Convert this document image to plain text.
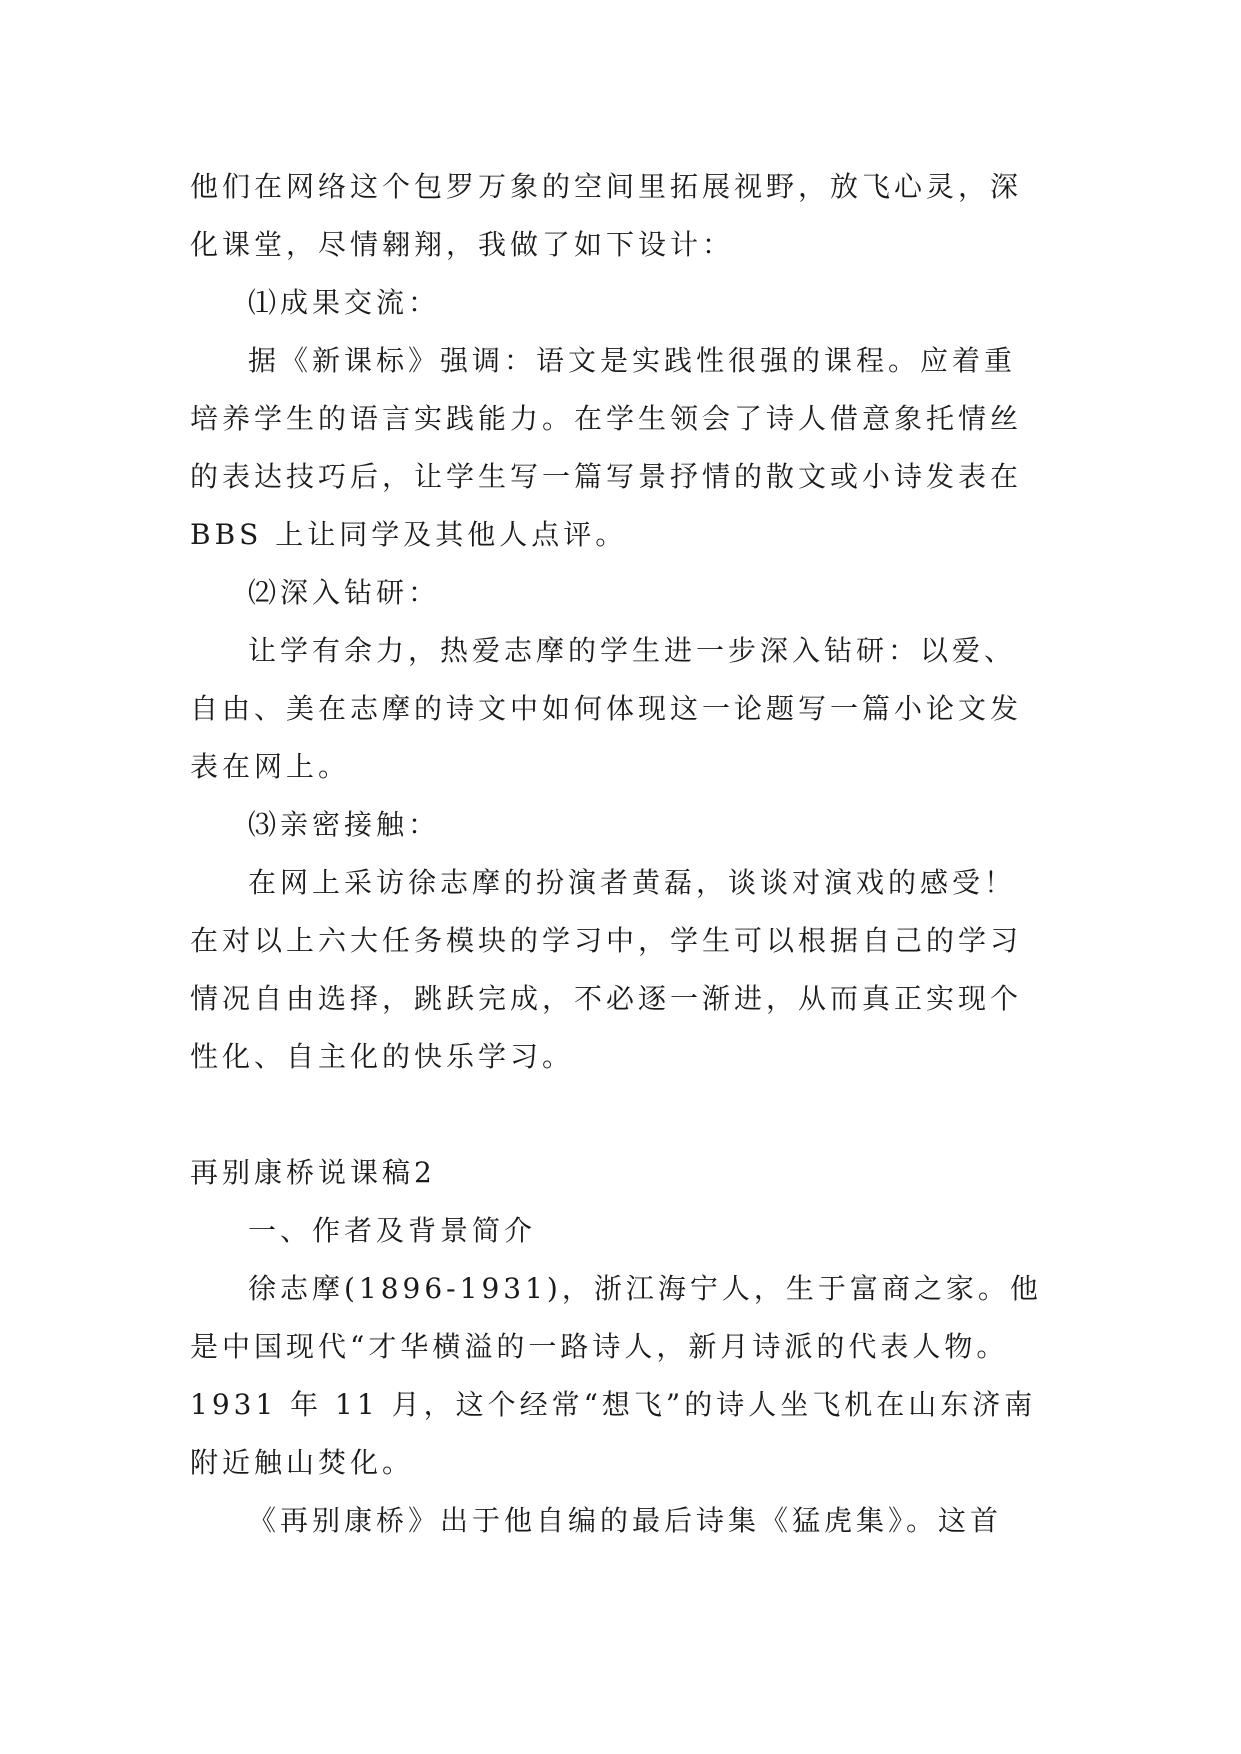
他们在网络这个包罗万象的空间里拓展视野，放飞心灵，深
化课堂，尽情翱翔，我做了如下设计：
⑴成果交流：
据《新课标》强调：语文是实践性很强的课程。应着重
培养学生的语言实践能力。在学生领会了诗人借意象托情丝
的表达技巧后，让学生写一篇写景抒情的散文或小诗发表在
BBS 上让同学及其他人点评。
⑵深入钻研：
让学有余力，热爱志摩的学生进一步深入钻研：以爱、
自由、美在志摩的诗文中如何体现这一论题写一篇小论文发
表在网上。
⑶亲密接触：
在网上采访徐志摩的扮演者黄磊，谈谈对演戏的感受！
在对以上六大任务模块的学习中，学生可以根据自己的学习
情况自由选择，跳跃完成，不必逐一渐进，从而真正实现个
性化、自主化的快乐学习。
再别康桥说课稿2
一、作者及背景简介
徐志摩(1896-1931)，浙江海宁人，生于富商之家。他
是中国现代“才华横溢的一路诗人，新月诗派的代表人物。
1931 年 11 月，这个经常“想飞”的诗人坐飞机在山东济南
附近触山焚化。
《再别康桥》出于他自编的最后诗集《猛虎集》。这首
